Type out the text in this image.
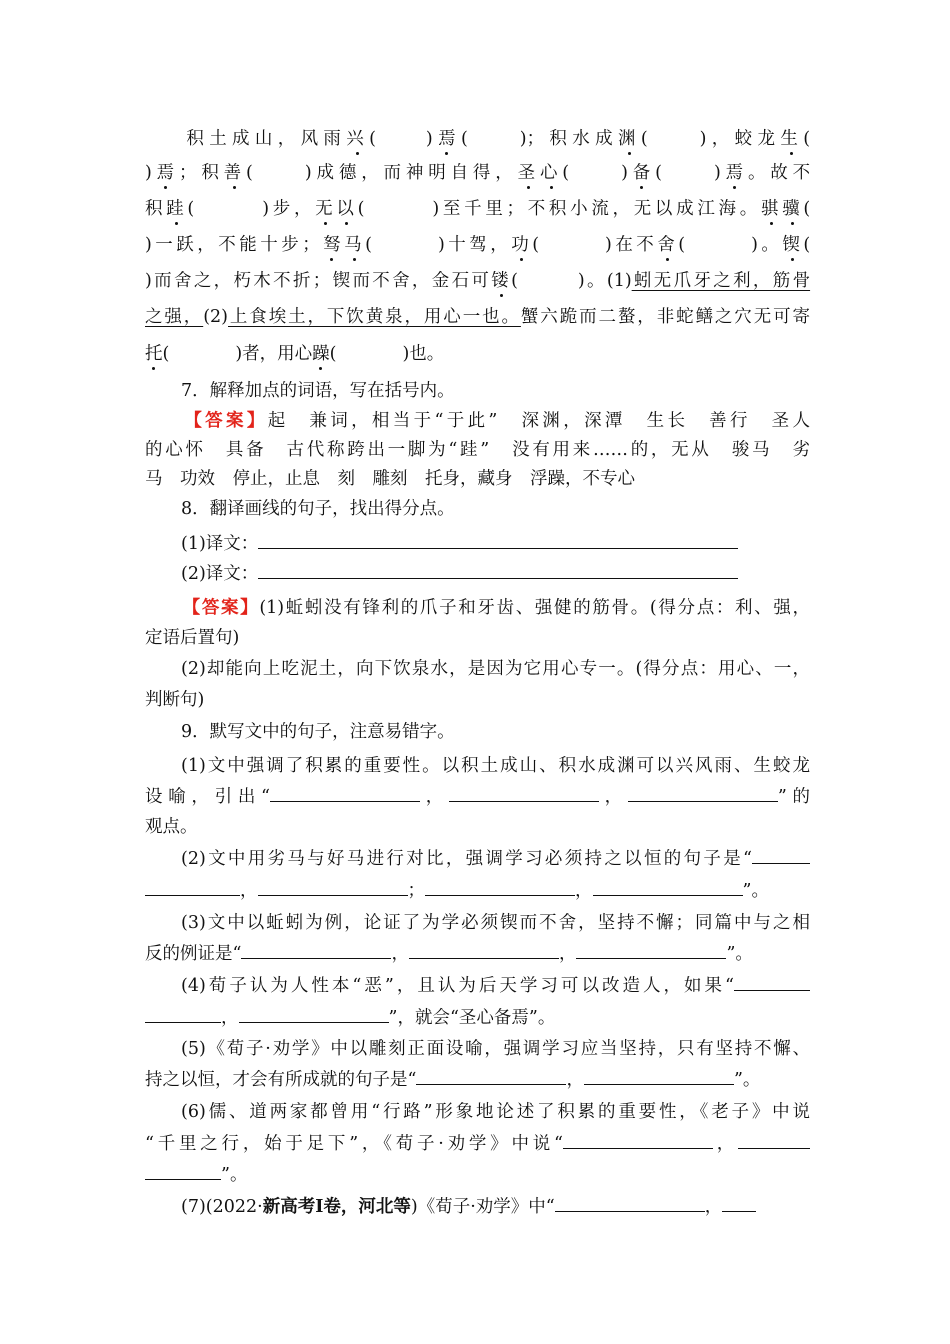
积土成山，风雨兴(	)焉(	)；积水成渊(	)，蛟龙生(
)焉；积善(	)成德，而神明自得，圣心(	)备(	)焉。故不
积跬(	)步，无以(	)至千里；不积小流，无以成江海。骐骥(
)一跃，不能十步；驽马(	)十驾，功(	)在不舍(	)。锲(
)而舍之，朽木不折；锲而不舍，金石可镂(	)。(1)蚓无爪牙之利，筋骨
之强，(2)上食埃土，下饮黄泉，用心一也。蟹六跪而二螯，非蛇鳝之穴无可寄
托(	)者，用心躁(	)也。
7．解释加点的词语，写在括号内。
【答案】起　兼词，相当于“于此”　深渊，深潭　生长　善行　圣人
的心怀　具备　古代称跨出一脚为“跬”　没有用来……的，无从　骏马　劣
马　功效　停止，止息　刻　雕刻　托身，藏身　浮躁，不专心
8．翻译画线的句子，找出得分点。
(1)译文：
(2)译文：
【答案】(1)蚯蚓没有锋利的爪子和牙齿、强健的筋骨。(得分点：利、强，
定语后置句)
(2)却能向上吃泥土，向下饮泉水，是因为它用心专一。(得分点：用心、一，
判断句)
9．默写文中的句子，注意易错字。
(1)文中强调了积累的重要性。以积土成山、积水成渊可以兴风雨、生蛟龙
设喻，引出“	，	，	”的
观点。
(2)文中用劣马与好马进行对比，强调学习必须持之以恒的句子是“
，	；	，	”。
(3)文中以蚯蚓为例，论证了为学必须锲而不舍，坚持不懈；同篇中与之相
反的例证是“	，	，	”。
(4)荀子认为人性本“恶”，且认为后天学习可以改造人，如果“
，	”，就会“圣心备焉”。
(5)《荀子·劝学》中以雕刻正面设喻，强调学习应当坚持，只有坚持不懈、
持之以恒，才会有所成就的句子是“	，	”。
(6)儒、道两家都曾用“行路”形象地论述了积累的重要性，《老子》中说
“千里之行，始于足下”，《荀子·劝学》中说“	，
”。
(7)(2022·新高考Ⅰ卷，河北等)《荀子·劝学》中“	，
